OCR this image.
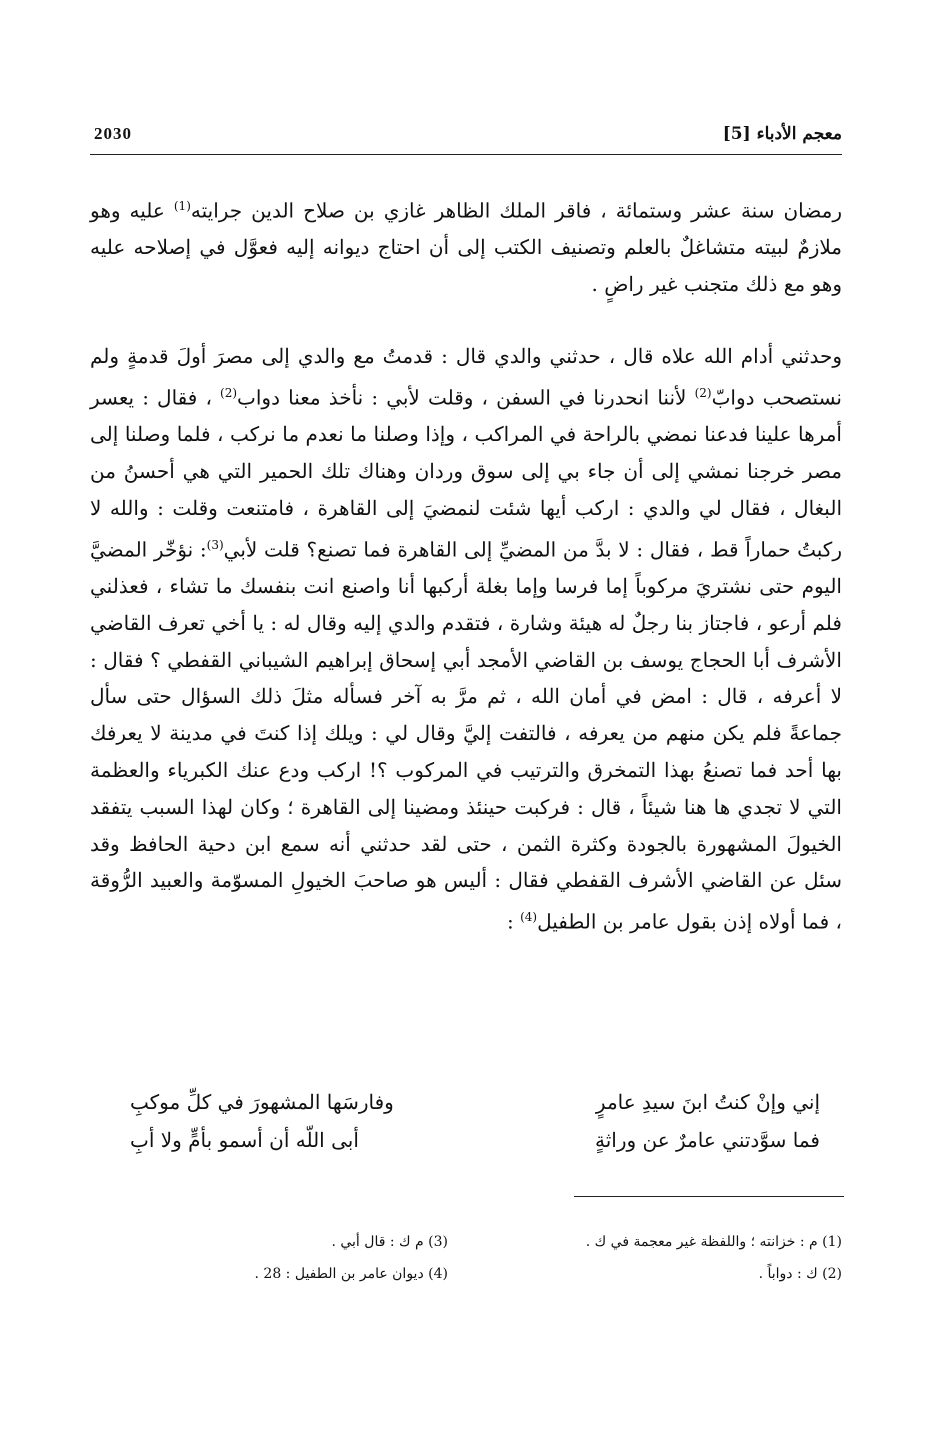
معجم الأدباء [5]
2030

رمضان سنة عشر وستمائة ، فاقر الملك الظاهر غازي بن صلاح الدين جرايته$^{(1)}$ عليه وهو ملازمٌ لبيته متشاغلٌ بالعلم وتصنيف الكتب إلى أن احتاج ديوانه إليه فعوَّل في إصلاحه عليه وهو مع ذلك متجنب غير راضٍ .

وحدثني أدام الله علاه قال ، حدثني والدي قال : قدمتُ مع والدي إلى مصرَ أولَ قدمةٍ ولم نستصحب دوابّ$^{(2)}$ لأننا انحدرنا في السفن ، وقلت لأبي : نأخذ معنا دواب$^{(2)}$ ، فقال : يعسر أمرها علينا فدعنا نمضي بالراحة في المراكب ، وإذا وصلنا ما نعدم ما نركب ، فلما وصلنا إلى مصر خرجنا نمشي إلى أن جاء بي إلى سوق وردان وهناك تلك الحمير التي هي أحسنُ من البغال ، فقال لي والدي : اركب أيها شئت لنمضيَ إلى القاهرة ، فامتنعت وقلت : والله لا ركبتُ حماراً قط ، فقال : لا بدَّ من المضيِّ إلى القاهرة فما تصنع؟ قلت لأبي$^{(3)}$: نؤخّر المضيَّ اليوم حتى نشتريَ مركوباً إما فرسا وإما بغلة أركبها أنا واصنع انت بنفسك ما تشاء ، فعذلني فلم أرعو ، فاجتاز بنا رجلٌ له هيئة وشارة ، فتقدم والدي إليه وقال له : يا أخي تعرف القاضي الأشرف أبا الحجاج يوسف بن القاضي الأمجد أبي إسحاق إبراهيم الشيباني القفطي ؟ فقال : لا أعرفه ، قال : امض في أمان الله ، ثم مرَّ به آخر فسأله مثلَ ذلك السؤال حتى سأل جماعةً فلم يكن منهم من يعرفه ، فالتفت إليَّ وقال لي : ويلك إذا كنتَ في مدينة لا يعرفك بها أحد فما تصنعُ بهذا التمخرق والترتيب في المركوب ؟! اركب ودع عنك الكبرياء والعظمة التي لا تجدي ها هنا شيئاً ، قال : فركبت حينئذ ومضينا إلى القاهرة ؛ وكان لهذا السبب يتفقد الخيولَ المشهورة بالجودة وكثرة الثمن ، حتى لقد حدثني أنه سمع ابن دحية الحافظ وقد سئل عن القاضي الأشرف القفطي فقال : أليس هو صاحبَ الخيولِ المسوّمة والعبيد الرُّوقة ، فما أولاه إذن بقول عامر بن الطفيل$^{(4)}$ :

إني وإنْ كنتُ ابنَ سيدِ عامرٍ
وفارسَها المشهورَ في كلِّ موكبِ
فما سوَّدتني عامرٌ عن وراثةٍ
أبى اللّه أن أسمو بأمٍّ ولا أبِ
(1) م : خزانته ؛ واللفظة غير معجمة في ك .
(2) ك : دواباً .
(3) م ك : قال أبي .
(4) ديوان عامر بن الطفيل : 28 .
